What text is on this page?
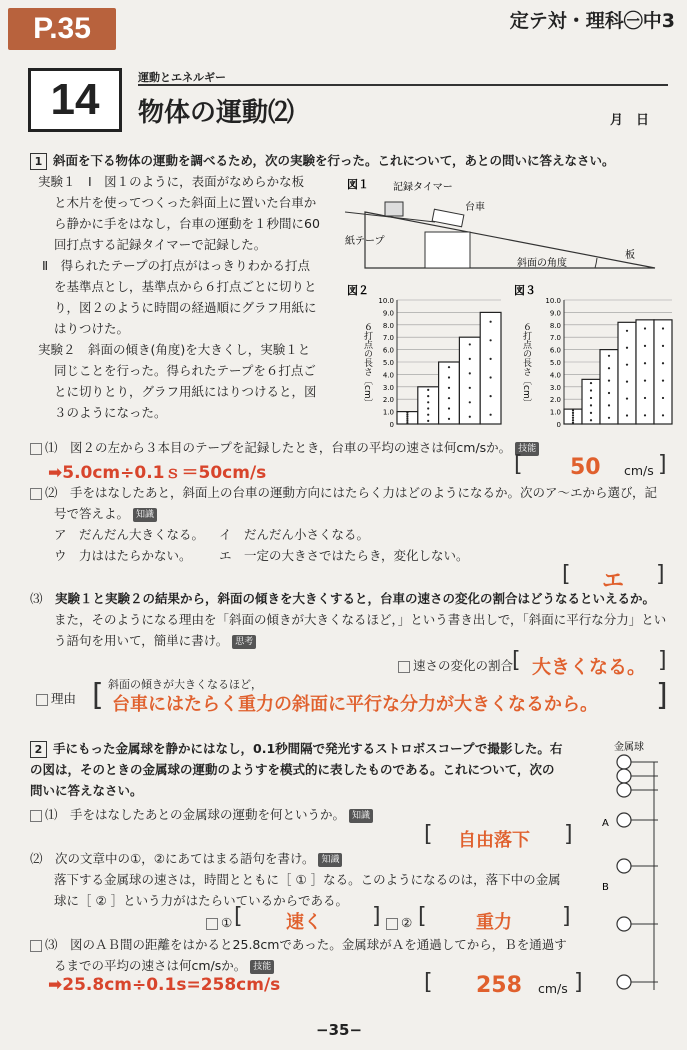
P.35	定テ対・理科㊀中3
14	運動とエネルギー
物体の運動⑵	月　日
1 斜面を下る物体の運動を調べるため，次の実験を行った。これについて，あとの問いに答えなさい。
実験１　Ⅰ　図１のように，表面がなめらかな板
と木片を使ってつくった斜面上に置いた台車か
ら静かに手をはなし，台車の運動を１秒間に60
回打点する記録タイマーで記録した。
Ⅱ　得られたテープの打点がはっきりわかる打点
を基準点とし，基準点から６打点ごとに切りと
り，図２のように時間の経過順にグラフ用紙に
はりつけた。
実験２　斜面の傾き(角度)を大きくし，実験１と
同じことを行った。得られたテープを６打点ご
とに切りとり，グラフ用紙にはりつけると，図
３のようになった。
図１ 記録タイマー
台車
紙テープ
板
斜面の角度
図２
10.0
9.0
8.0
7.0
6.0
5.0
4.0
3.0
2.0
1.0
0
６打点の長さ〔cm〕
図３
10.0
9.0
8.0
7.0
6.0
5.0
4.0
3.0
2.0
1.0
0
６打点の長さ〔cm〕
⑴　 図２の左から３本目のテープを記録したとき，台車の平均の速さは何cm/sか。 技能
➡5.0cm÷0.1ｓ＝50cm/s	[ 50 cm/s ]
⑵　 手をはなしたあと，斜面上の台車の運動方向にはたらく力はどのようになるか。次のア～エから選び，記
号で答えよ。 知識
ア　だんだん大きくなる。 イ　だんだん小さくなる。
ウ　力ははたらかない。 エ　一定の大きさではたらき，変化しない。
[ エ ]
⑶　 実験１と実験２の結果から，斜面の傾きを大きくすると，台車の速さの変化の割合はどうなるといえるか。
また，そのようになる理由を「斜面の傾きが大きくなるほど，」という書き出しで，「斜面に平行な分力」とい
う語句を用いて，簡単に書け。 思考
速さの変化の割合
[ 大きくなる。 ]
理由 [ 斜面の傾きが大きくなるほど，
台車にはたらく重力の斜面に平行な分力が大きくなるから。 ]
2 手にもった金属球を静かにはなし，0.1秒間隔で発光するストロボスコープで撮影した。右
の図は，そのときの金属球の運動のようすを模式的に表したものである。これについて，次の
問いに答えなさい。
金属球
A
B
⑴　 手をはなしたあとの金属球の運動を何というか。 知識
[ 自由落下 ]
⑵　 次の文章中の①，②にあてはまる語句を書け。 知識
落下する金属球の速さは，時間とともに［ ① ］なる。このようになるのは，落下中の金属
球に［ ② ］という力がはたらいているからである。
① [ 速く ]	② [	重力 ]
⑶　 図のＡＢ間の距離をはかると25.8cmであった。金属球がＡを通過してから，Ｂを通過す
るまでの平均の速さは何cm/sか。 技能
➡25.8cm÷0.1s=258cm/s	[ 258 cm/s ]
−35−
